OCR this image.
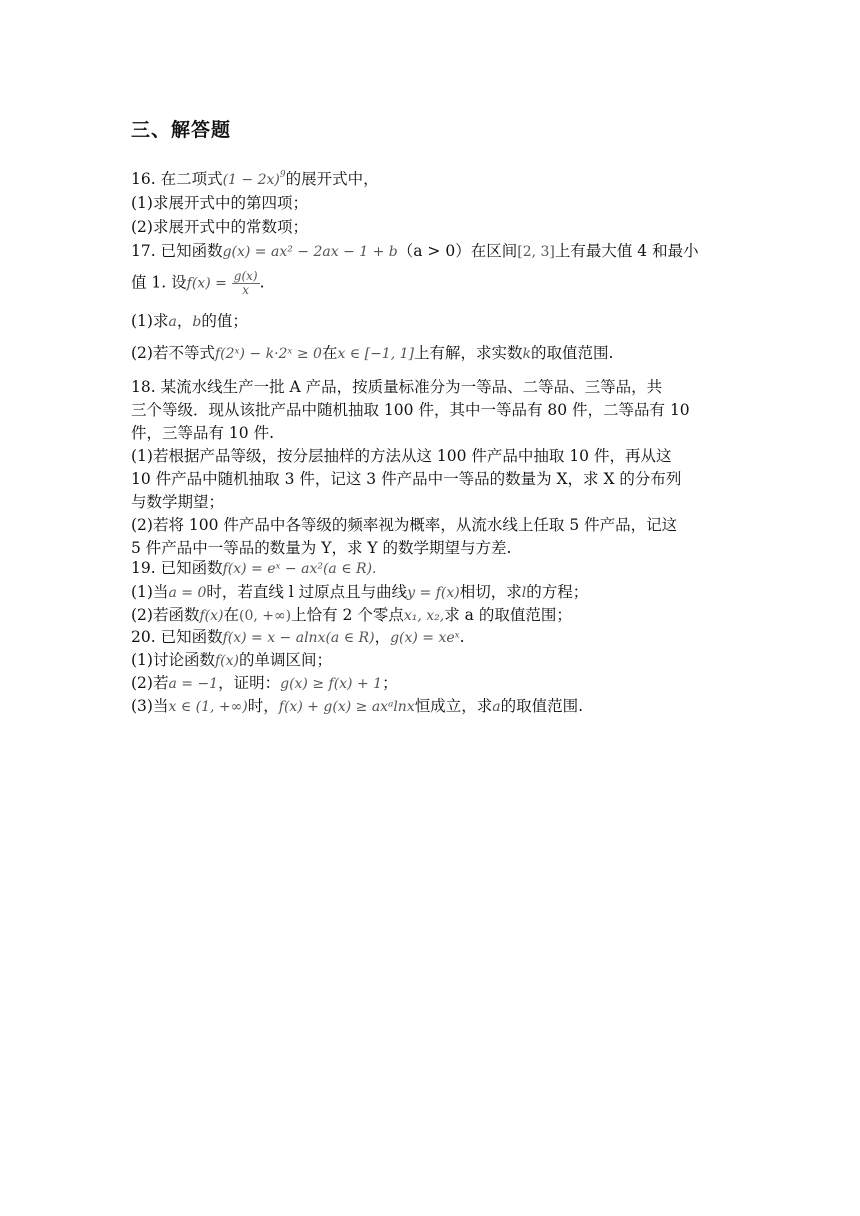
三、解答题
16. 在二项式$(1 - 2x)^9$的展开式中，
(1)求展开式中的第四项；
(2)求展开式中的常数项；
17. 已知函数g(x) = ax² − 2ax − 1 + b（a > 0）在区间[2, 3]上有最大值 4 和最小
值 1. 设$f(x) = \frac{g(x)}{x}$ .
(1)求a，b的值；
(2)若不等式f(2ˣ) − k·2ˣ ≥ 0在x ∈ [−1, 1]上有解，求实数k的取值范围.
18. 某流水线生产一批 A 产品，按质量标准分为一等品、二等品、三等品，共
三个等级．现从该批产品中随机抽取 100 件，其中一等品有 80 件，二等品有 10
件，三等品有 10 件.
(1)若根据产品等级，按分层抽样的方法从这 100 件产品中抽取 10 件，再从这
10 件产品中随机抽取 3 件，记这 3 件产品中一等品的数量为 X，求 X 的分布列
与数学期望；
(2)若将 100 件产品中各等级的频率视为概率，从流水线上任取 5 件产品，记这
5 件产品中一等品的数量为 Y，求 Y 的数学期望与方差.
19. 已知函数f(x) = eˣ − ax²(a ∈ R).
(1)当a = 0时，若直线 l 过原点且与曲线y = f(x)相切，求l的方程；
(2)若函数f(x)在(0, +∞)上恰有 2 个零点x₁, x₂,求 a 的取值范围；
20. 已知函数f(x) = x − alnx(a ∈ R)，g(x) = xeˣ.
(1)讨论函数f(x)的单调区间；
(2)若a = −1，证明：g(x) ≥ f(x) + 1；
(3)当x ∈ (1, +∞)时，f(x) + g(x) ≥ axᵃlnx恒成立，求a的取值范围.
